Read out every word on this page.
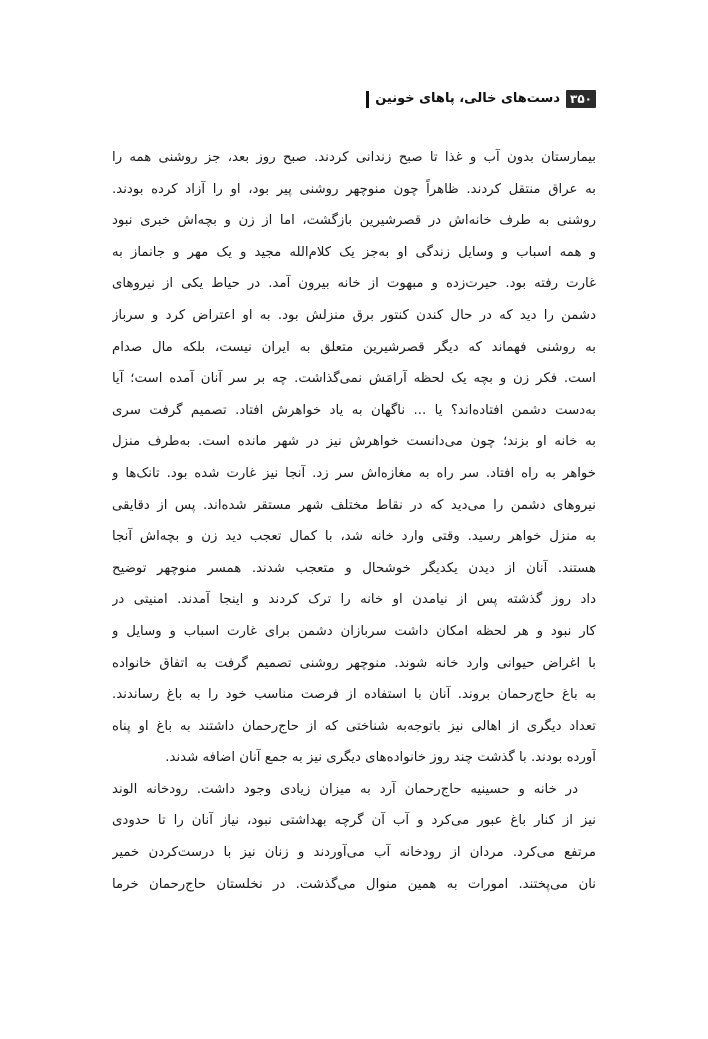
۳۵۰
دست‌های خالی، پاهای خونین
بیمارستان بدون آب و غذا تا صبح زندانی کردند. صبح روز بعد، جز روشنی همه را
به عراق منتقل کردند. ظاهراً چون منوچهر روشنی پیر بود، او را آزاد کرده بودند.
روشنی به طرف خانه‌اش در قصرشیرین بازگشت، اما از زن و بچه‌اش خبری نبود
و همه اسباب و وسایل زندگی او به‌جز یک کلام‌الله مجید و یک مهر و جانماز به
غارت رفته بود. حیرت‌زده و مبهوت از خانه بیرون آمد. در حیاط یکی از نیروهای
دشمن را دید که در حال کندن کنتور برق منزلش بود. به او اعتراض کرد و سرباز
به روشنی فهماند که دیگر قصرشیرین متعلق به ایران نیست، بلکه مال صدام
است. فکر زن و بچه یک لحظه آرامَش نمی‌گذاشت. چه بر سر آنان آمده است؛ آیا
به‌دست دشمن افتاده‌اند؟ یا ... ناگهان به یاد خواهرش افتاد. تصمیم گرفت سری
به خانه او بزند؛ چون می‌دانست خواهرش نیز در شهر مانده است. به‌طرف منزل
خواهر به راه افتاد. سر راه به مغازه‌اش سر زد. آنجا نیز غارت شده بود. تانک‌ها و
نیروهای دشمن را می‌دید که در نقاط مختلف شهر مستقر شده‌اند. پس از دقایقی
به منزل خواهر رسید. وقتی وارد خانه شد، با کمال تعجب دید زن و بچه‌اش آنجا
هستند. آنان از دیدن یکدیگر خوشحال و متعجب شدند. همسر منوچهر توضیح
داد روز گذشته پس از نیامدن او خانه را ترک کردند و اینجا آمدند. امنیتی در
کار نبود و هر لحظه امکان داشت سربازان دشمن برای غارت اسباب و وسایل و
با اغراض حیوانی وارد خانه شوند. منوچهر روشنی تصمیم گرفت به اتفاق خانواده
به باغ حاج‌رحمان بروند. آنان با استفاده از فرصت مناسب خود را به باغ رساندند.
تعداد دیگری از اهالی نیز باتوجه‌به شناختی که از حاج‌رحمان داشتند به باغ او پناه
آورده بودند. با گذشت چند روز خانواده‌های دیگری نیز به جمع آنان اضافه شدند.
در خانه و حسینیه حاج‌رحمان آرد به میزان زیادی وجود داشت. رودخانه الوند
نیز از کنار باغ عبور می‌کرد و آب آن گرچه بهداشتی نبود، نیاز آنان را تا حدودی
مرتفع می‌کرد. مردان از رودخانه آب می‌آوردند و زنان نیز با درست‌کردن خمیر
نان می‌پختند. امورات به همین منوال می‌گذشت. در نخلستان حاج‌رحمان خرما
